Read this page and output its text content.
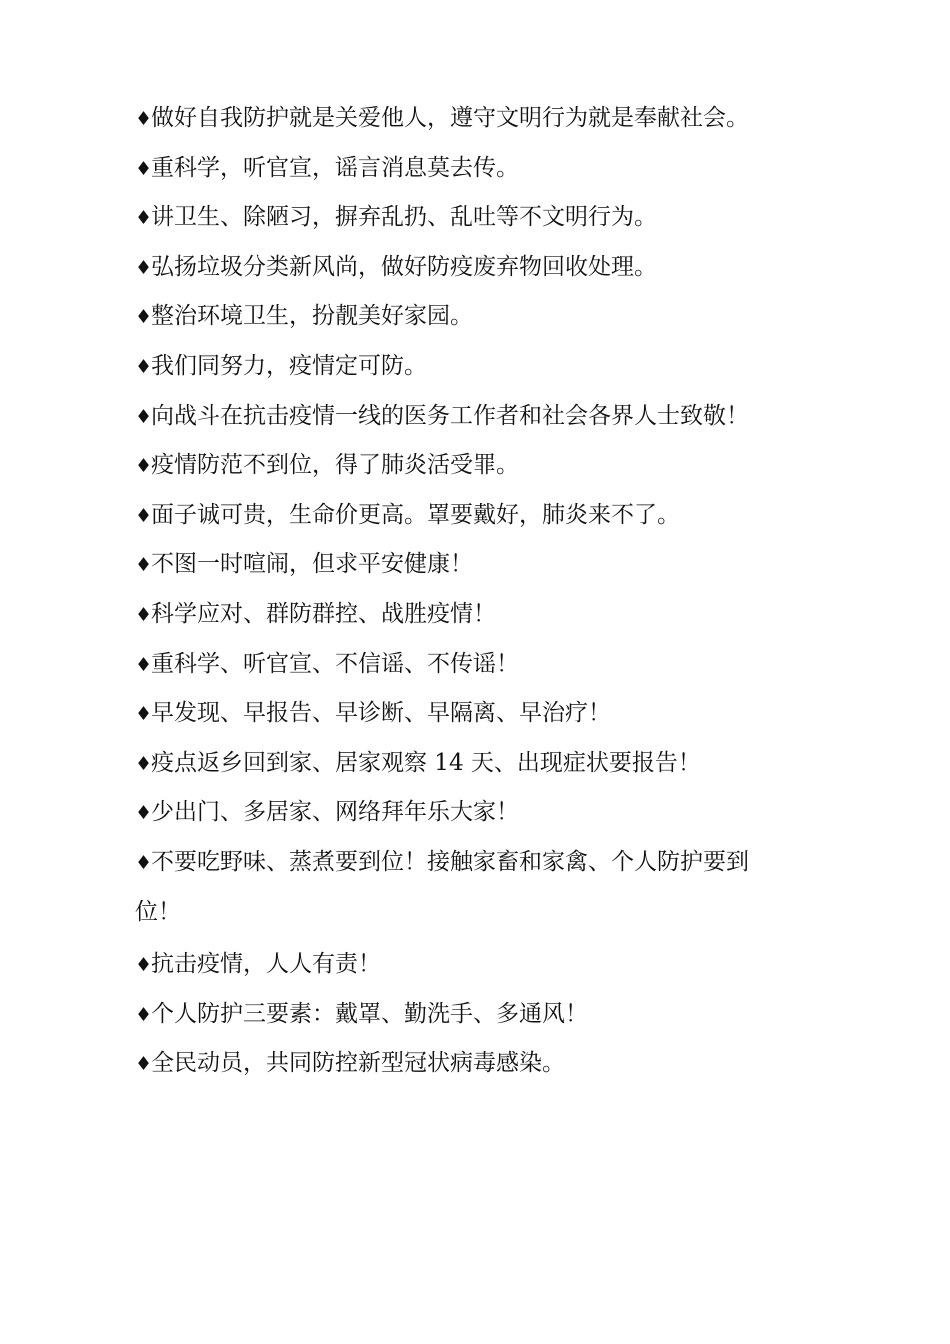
♦做好自我防护就是关爱他人，遵守文明行为就是奉献社会。

♦重科学，听官宣，谣言消息莫去传。

♦讲卫生、除陋习，摒弃乱扔、乱吐等不文明行为。

♦弘扬垃圾分类新风尚，做好防疫废弃物回收处理。

♦整治环境卫生，扮靓美好家园。

♦我们同努力，疫情定可防。

♦向战斗在抗击疫情一线的医务工作者和社会各界人士致敬！

♦疫情防范不到位，得了肺炎活受罪。

♦面子诚可贵，生命价更高。罩要戴好，肺炎来不了。

♦不图一时喧闹，但求平安健康！

♦科学应对、群防群控、战胜疫情！

♦重科学、听官宣、不信谣、不传谣！

♦早发现、早报告、早诊断、早隔离、早治疗！

♦疫点返乡回到家、居家观察 14 天、出现症状要报告！

♦少出门、多居家、网络拜年乐大家！

♦不要吃野味、蒸煮要到位！接触家畜和家禽、个人防护要到位！

♦抗击疫情，人人有责！

♦个人防护三要素：戴罩、勤洗手、多通风！

♦全民动员，共同防控新型冠状病毒感染。
